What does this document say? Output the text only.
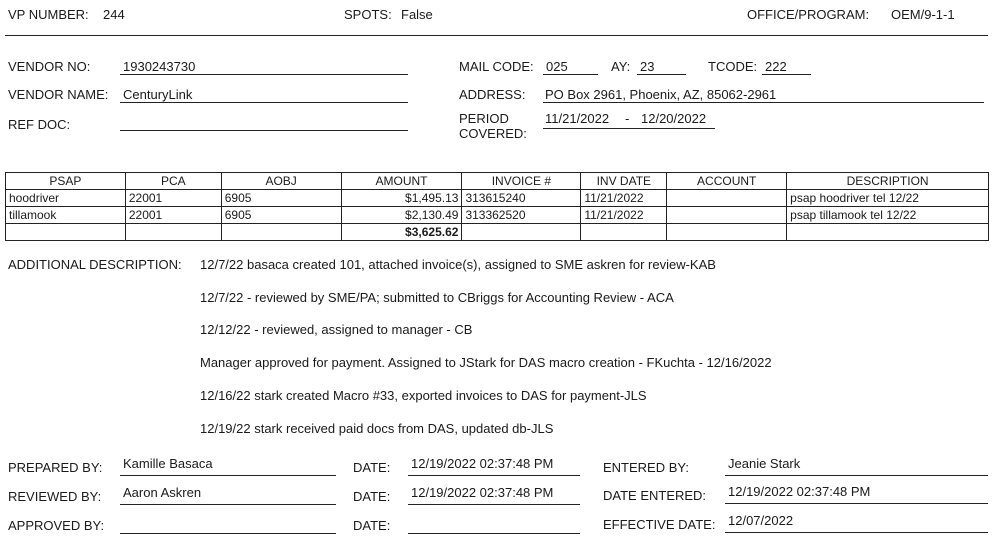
VP NUMBER: 244	SPOTS: False	OFFICE/PROGRAM: OEM/9-1-1
VENDOR NO:	1930243730
VENDOR NAME: CenturyLink
REF DOC:
MAIL CODE: 025	AY: 23	TCODE: 222
ADDRESS: PO Box 2961, Phoenix, AZ, 85062-2961
PERIOD
COVERED:
11/21/2022 - 12/20/2022
PSAP	PCA	AOBJ	AMOUNT	INVOICE #	INV DATE	ACCOUNT	DESCRIPTION
hoodriver	22001	6905	$1,495.13	313615240	11/21/2022		psap hoodriver tel 12/22
tillamook	22001	6905	$2,130.49	313362520	11/21/2022		psap tillamook tel 12/22
			$3,625.62				
ADDITIONAL DESCRIPTION: 12/7/22 basaca created 101, attached invoice(s), assigned to SME askren for review-KAB
12/7/22 - reviewed by SME/PA; submitted to CBriggs for Accounting Review - ACA
12/12/22 - reviewed, assigned to manager - CB
Manager approved for payment. Assigned to JStark for DAS macro creation - FKuchta - 12/16/2022
12/16/22 stark created Macro #33, exported invoices to DAS for payment-JLS
12/19/22 stark received paid docs from DAS, updated db-JLS
PREPARED BY: Kamille Basaca
REVIEWED BY: Aaron Askren
APPROVED BY:
DATE: 12/19/2022 02:37:48 PM
DATE: 12/19/2022 02:37:48 PM
DATE:
ENTERED BY:	Jeanie Stark
DATE ENTERED: 12/19/2022 02:37:48 PM
EFFECTIVE DATE: 12/07/2022
